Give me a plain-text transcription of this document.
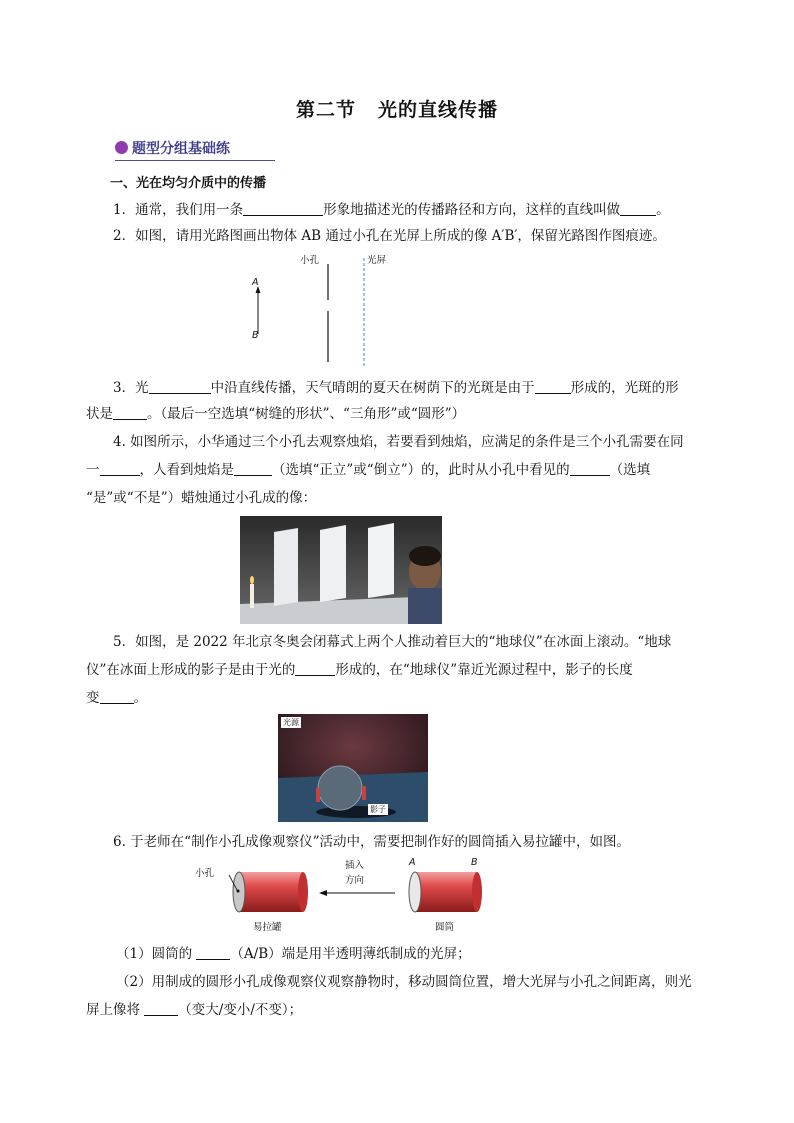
第二节 光的直线传播
题型分组基础练
一、光在均匀介质中的传播
1．通常，我们用一条	形象地描述光的传播路径和方向，这样的直线叫做	。
2．如图，请用光路图画出物体 AB 通过小孔在光屏上所成的像 A′B′，保留光路图作图痕迹。
小孔	光屏
A
B
3．光	中沿直线传播，天气晴朗的夏天在树荫下的光斑是由于	形成的，光斑的形
状是	。（最后一空选填“树缝的形状”、“三角形”或“圆形”）
4. 如图所示，小华通过三个小孔去观察烛焰，若要看到烛焰，应满足的条件是三个小孔需要在同
一	，人看到烛焰是	（选填“正立”或“倒立”）的，此时从小孔中看见的	（选填
“是”或“不是”）蜡烛通过小孔成的像：
5．如图，是 2022 年北京冬奥会闭幕式上两个人推动着巨大的“地球仪”在冰面上滚动。“地球
仪”在冰面上形成的影子是由于光的	形成的，在“地球仪”靠近光源过程中，影子的长度
变	。
光源
影子
6. 于老师在“制作小孔成像观察仪”活动中，需要把制作好的圆筒插入易拉罐中，如图。
小孔
易拉罐
插入
方向
圆筒
A	B
（1）圆筒的	（A/B）端是用半透明薄纸制成的光屏；
（2）用制成的圆形小孔成像观察仪观察静物时，移动圆筒位置，增大光屏与小孔之间距离，则光
屏上像将	（变大/变小/不变）；
